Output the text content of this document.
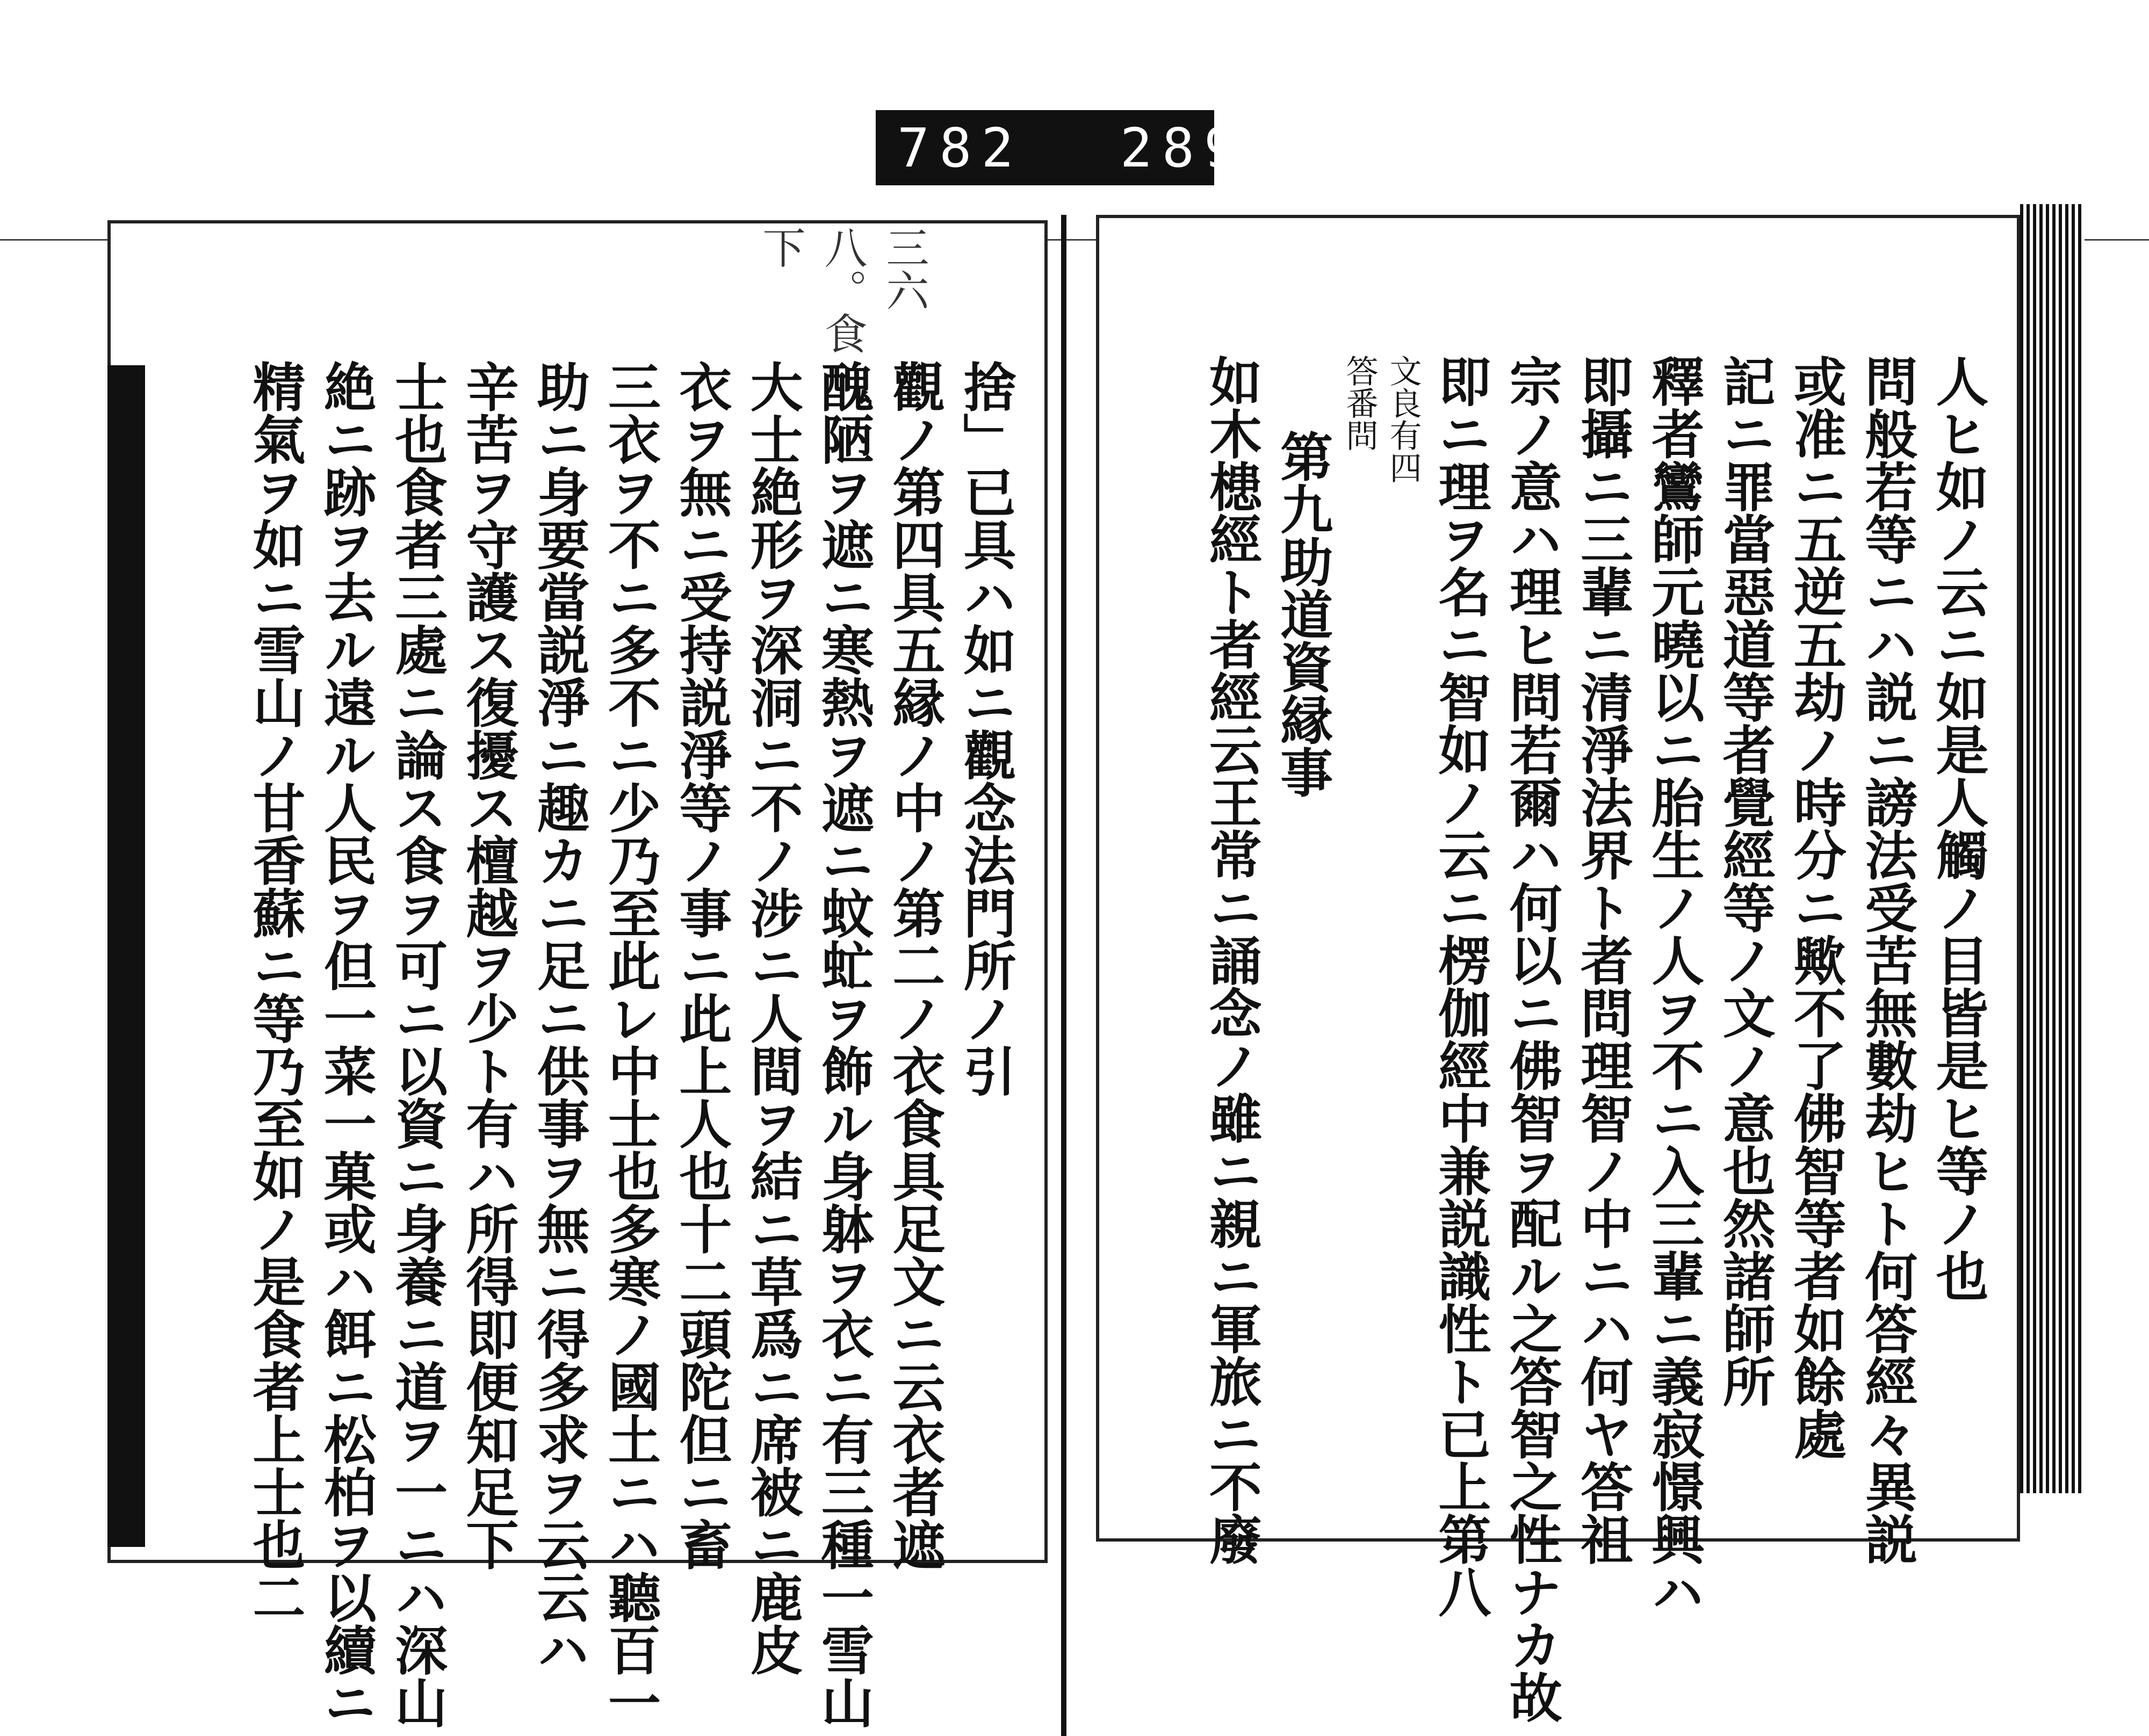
782 289
三六八。食下
捨」已具ハ如ニ觀念法門所ノ引
觀ノ第四具五縁ノ中ノ第二ノ衣食具足文ニ云衣者遮
醜陋ヲ遮ニ寒熱ヲ遮ニ蚊虻ヲ飾ル身躰ヲ衣ニ有三種一雪山
大士絶形ヲ深洞ニ不ノ涉ニ人間ヲ結ニ草爲ニ席被ニ鹿皮
衣ヲ無ニ受持説淨等ノ事ニ此上人也十二頭陀但ニ畜
三衣ヲ不ニ多不ニ少乃至此レ中士也多寒ノ國土ニハ聽百一
助ニ身要當説淨ニ趣カニ足ニ供事ヲ無ニ得多求ヲ云云ハ
辛苦ヲ守護ス復擾ス檀越ヲ少ト有ハ所得即便知足下
士也食者三處ニ論ス食ヲ可ニ以資ニ身養ニ道ヲ一ニハ深山
絶ニ跡ヲ去ル遠ル人民ヲ但一菜一菓或ハ餌ニ松柏ヲ以續ニ
精氣ヲ如ニ雪山ノ甘香蘇ニ等乃至如ノ是食者上士也二	人ヒ如ノ云ニ如是人觸ノ目皆是ヒ等ノ也
問般若等ニハ説ニ謗法受苦無數劫ヒト何答經々異説
或准ニ五逆五劫ノ時分ニ歟不了佛智等者如餘處
記ニ罪當惡道等者覺經等ノ文ノ意也然諸師所
釋者鸞師元曉以ニ胎生ノ人ヲ不ニ入三輩ニ義寂憬興ハ
即攝ニ三輩ニ清淨法界ト者問理智ノ中ニハ何ヤ答祖
宗ノ意ハ理ヒ問若爾ハ何以ニ佛智ヲ配ル之答智之性ナカ故
即ニ理ヲ名ニ智如ノ云ニ楞伽經中兼説識性ト已上第八
文良有四
答番問
第九助道資縁事
如木槵經ト者經云王常ニ誦念ノ雖ニ親ニ軍旅ニ不廢
